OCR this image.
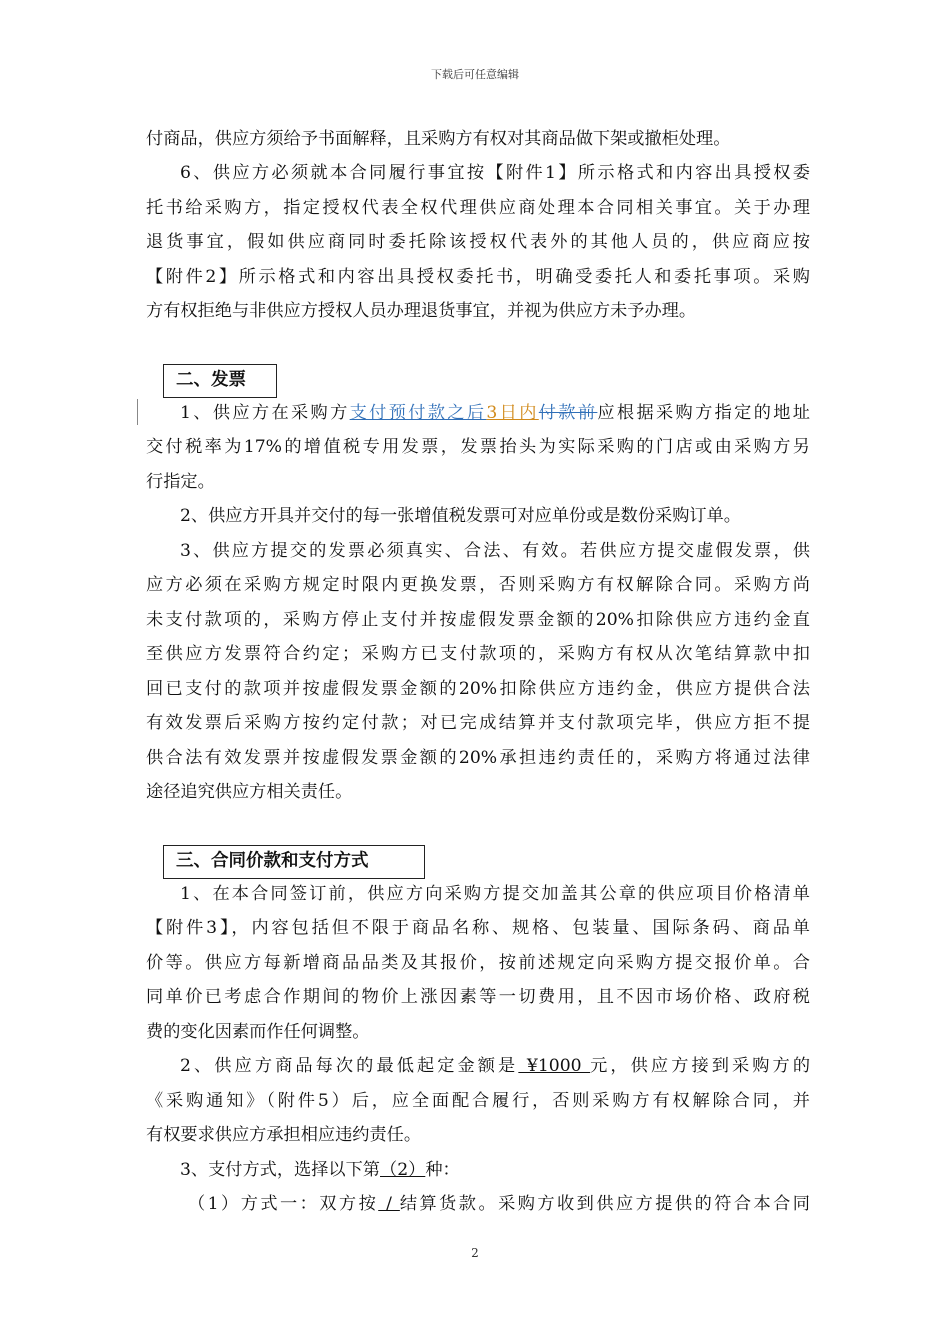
下载后可任意编辑
付商品，供应方须给予书面解释，且采购方有权对其商品做下架或撤柜处理。
6、供应方必须就本合同履行事宜按【附件1】所示格式和内容出具授权委
托书给采购方，指定授权代表全权代理供应商处理本合同相关事宜。关于办理
退货事宜，假如供应商同时委托除该授权代表外的其他人员的，供应商应按
【附件2】所示格式和内容出具授权委托书，明确受委托人和委托事项。采购
方有权拒绝与非供应方授权人员办理退货事宜，并视为供应方未予办理。
二、发票
1、供应方在采购方支付预付款之后3日内付款前应根据采购方指定的地址
交付税率为17%的增值税专用发票，发票抬头为实际采购的门店或由采购方另
行指定。
2、供应方开具并交付的每一张增值税发票可对应单份或是数份采购订单。
3、供应方提交的发票必须真实、合法、有效。若供应方提交虚假发票，供
应方必须在采购方规定时限内更换发票，否则采购方有权解除合同。采购方尚
未支付款项的，采购方停止支付并按虚假发票金额的20%扣除供应方违约金直
至供应方发票符合约定；采购方已支付款项的，采购方有权从次笔结算款中扣
回已支付的款项并按虚假发票金额的20%扣除供应方违约金，供应方提供合法
有效发票后采购方按约定付款；对已完成结算并支付款项完毕，供应方拒不提
供合法有效发票并按虚假发票金额的20%承担违约责任的，采购方将通过法律
途径追究供应方相关责任。
三、合同价款和支付方式
1、在本合同签订前，供应方向采购方提交加盖其公章的供应项目价格清单
【附件3】，内容包括但不限于商品名称、规格、包装量、国际条码、商品单
价等。供应方每新增商品品类及其报价，按前述规定向采购方提交报价单。合
同单价已考虑合作期间的物价上涨因素等一切费用，且不因市场价格、政府税
费的变化因素而作任何调整。
2、供应方商品每次的最低起定金额是 ¥1000 元，供应方接到采购方的
《采购通知》（附件5）后，应全面配合履行，否则采购方有权解除合同，并
有权要求供应方承担相应违约责任。
3、支付方式，选择以下第（2）种：
（1）方式一：双方按 / 结算货款。采购方收到供应方提供的符合本合同
2
